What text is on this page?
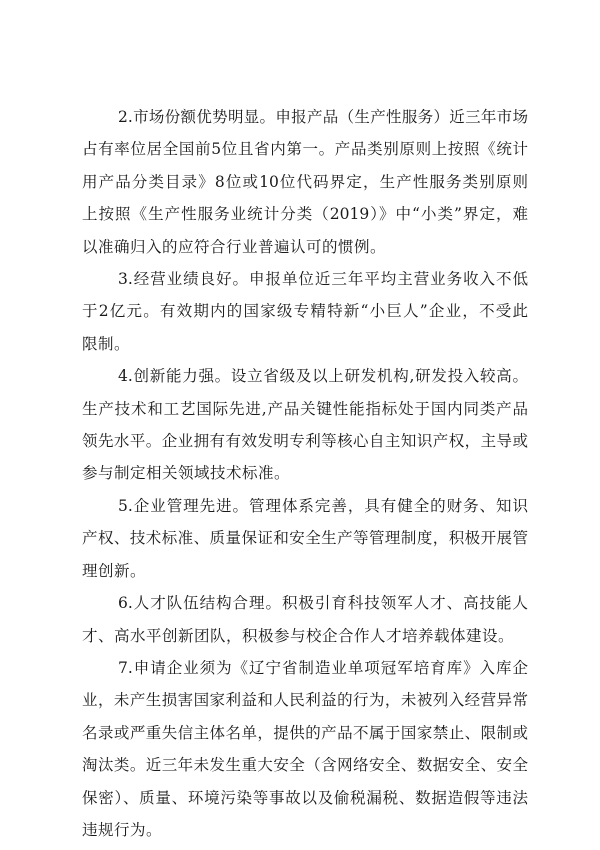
2.市场份额优势明显。申报产品（生产性服务）近三年市场
占有率位居全国前5位且省内第一。产品类别原则上按照《统计
用产品分类目录》8位或10位代码界定，生产性服务类别原则
上按照《生产性服务业统计分类（2019）》中“小类”界定，难
以准确归入的应符合行业普遍认可的惯例。
3.经营业绩良好。申报单位近三年平均主营业务收入不低
于2亿元。有效期内的国家级专精特新“小巨人”企业，不受此
限制。
4.创新能力强。设立省级及以上研发机构,研发投入较高。
生产技术和工艺国际先进,产品关键性能指标处于国内同类产品
领先水平。企业拥有有效发明专利等核心自主知识产权，主导或
参与制定相关领域技术标准。
5.企业管理先进。管理体系完善，具有健全的财务、知识
产权、技术标准、质量保证和安全生产等管理制度，积极开展管
理创新。
6.人才队伍结构合理。积极引育科技领军人才、高技能人
才、高水平创新团队，积极参与校企合作人才培养载体建设。
7.申请企业须为《辽宁省制造业单项冠军培育库》入库企
业，未产生损害国家利益和人民利益的行为，未被列入经营异常
名录或严重失信主体名单，提供的产品不属于国家禁止、限制或
淘汰类。近三年未发生重大安全（含网络安全、数据安全、安全
保密）、质量、环境污染等事故以及偷税漏税、数据造假等违法
违规行为。
